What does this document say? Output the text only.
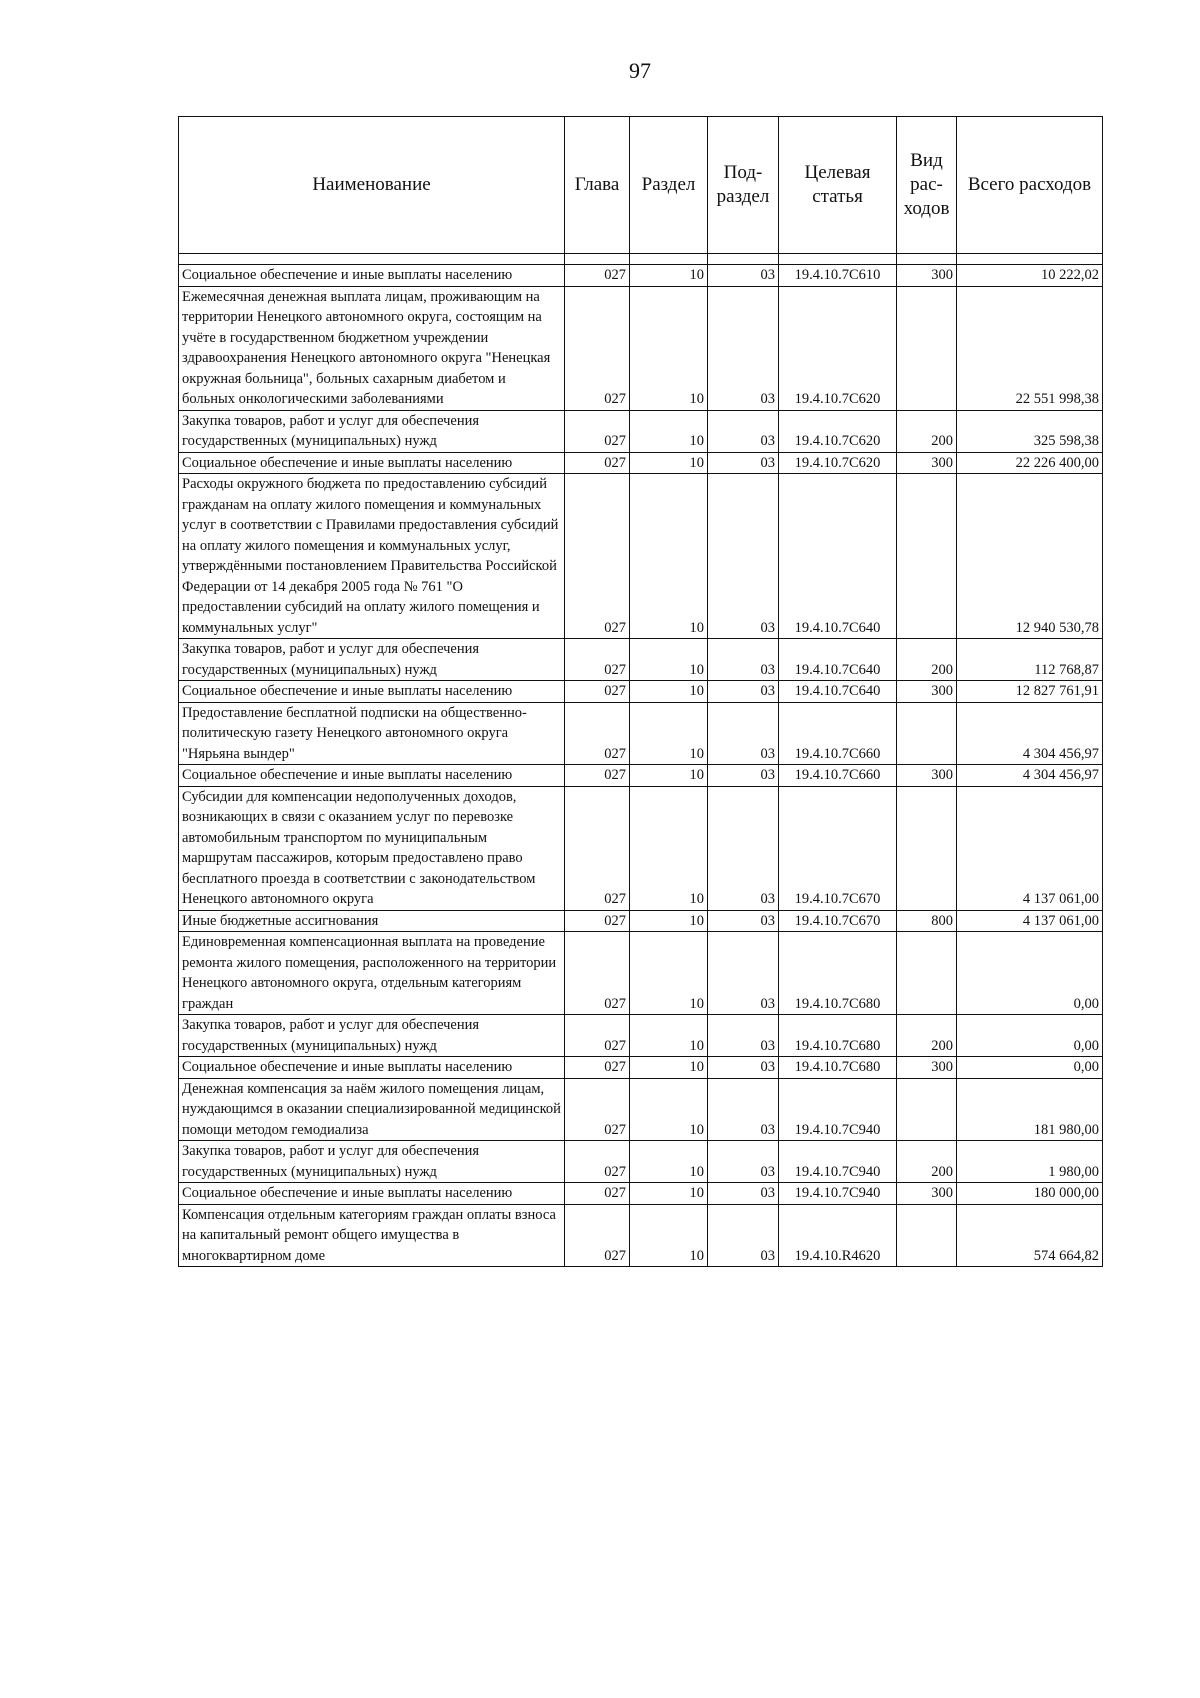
97
Наименование	Глава	Раздел	Под-раздел	Целевая статья	Вид рас-ходов	Всего расходов

Социальное обеспечение и иные выплаты населению	027	10	03	19.4.10.7С610	300	10 222,02
Ежемесячная денежная выплата лицам, проживающим на территории Ненецкого автономного округа, состоящим на учёте в государственном бюджетном учреждении здравоохранения Ненецкого автономного округа "Ненецкая окружная больница", больных сахарным диабетом и больных онкологическими заболеваниями	027	10	03	19.4.10.7С620		22 551 998,38
Закупка товаров, работ и услуг для обеспечения государственных (муниципальных) нужд	027	10	03	19.4.10.7С620	200	325 598,38
Социальное обеспечение и иные выплаты населению	027	10	03	19.4.10.7С620	300	22 226 400,00
Расходы окружного бюджета по предоставлению субсидий гражданам на оплату жилого помещения и коммунальных услуг в соответствии с Правилами предоставления субсидий на оплату жилого помещения и коммунальных услуг, утверждёнными постановлением Правительства Российской Федерации от 14 декабря 2005 года № 761 "О предоставлении субсидий на оплату жилого помещения и коммунальных услуг"	027	10	03	19.4.10.7С640		12 940 530,78
Закупка товаров, работ и услуг для обеспечения государственных (муниципальных) нужд	027	10	03	19.4.10.7С640	200	112 768,87
Социальное обеспечение и иные выплаты населению	027	10	03	19.4.10.7С640	300	12 827 761,91
Предоставление бесплатной подписки на общественно-политическую газету Ненецкого автономного округа "Нярьяна вындер"	027	10	03	19.4.10.7С660		4 304 456,97
Социальное обеспечение и иные выплаты населению	027	10	03	19.4.10.7С660	300	4 304 456,97
Субсидии для компенсации недополученных доходов, возникающих в связи с оказанием услуг по перевозке автомобильным транспортом по муниципальным маршрутам пассажиров, которым предоставлено право бесплатного проезда в соответствии с законодательством Ненецкого автономного округа	027	10	03	19.4.10.7С670		4 137 061,00
Иные бюджетные ассигнования	027	10	03	19.4.10.7С670	800	4 137 061,00
Единовременная компенсационная выплата на проведение ремонта жилого помещения, расположенного на территории Ненецкого автономного округа, отдельным категориям граждан	027	10	03	19.4.10.7С680		0,00
Закупка товаров, работ и услуг для обеспечения государственных (муниципальных) нужд	027	10	03	19.4.10.7С680	200	0,00
Социальное обеспечение и иные выплаты населению	027	10	03	19.4.10.7С680	300	0,00
Денежная компенсация за наём жилого помещения лицам, нуждающимся в оказании специализированной медицинской помощи методом гемодиализа	027	10	03	19.4.10.7С940		181 980,00
Закупка товаров, работ и услуг для обеспечения государственных (муниципальных) нужд	027	10	03	19.4.10.7С940	200	1 980,00
Социальное обеспечение и иные выплаты населению	027	10	03	19.4.10.7С940	300	180 000,00
Компенсация отдельным категориям граждан оплаты взноса на капитальный ремонт общего имущества в многоквартирном доме	027	10	03	19.4.10.R4620		574 664,82
